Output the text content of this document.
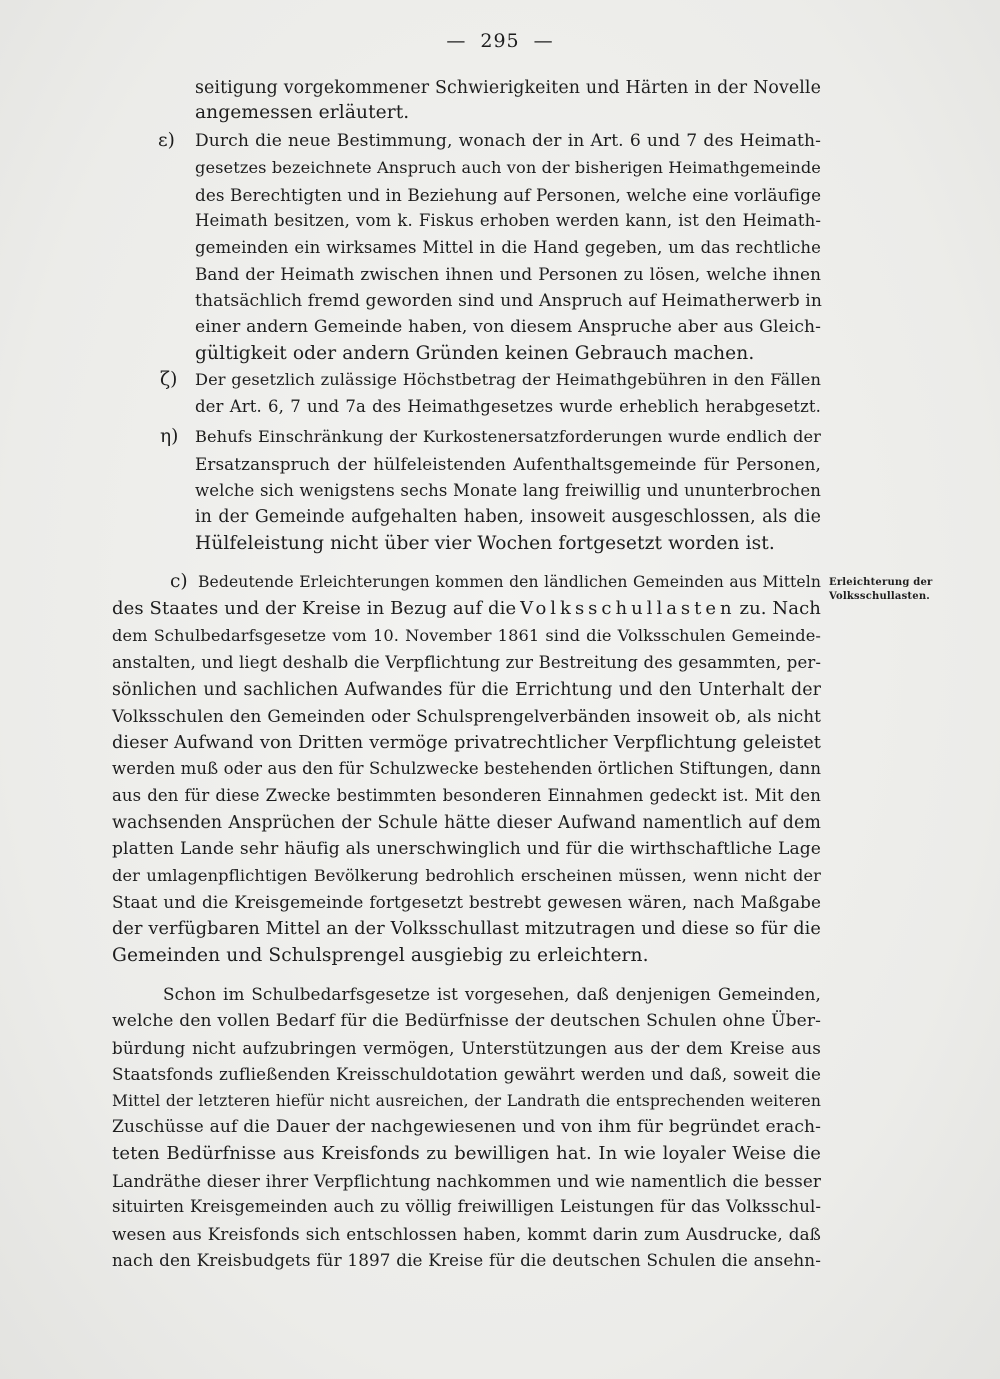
— 295 —
seitigung vorgekommener Schwierigkeiten und Härten in der Novelle
angemessen erläutert.
ε) Durch die neue Bestimmung, wonach der in Art. 6 und 7 des Heimath-
gesetzes bezeichnete Anspruch auch von der bisherigen Heimathgemeinde
des Berechtigten und in Beziehung auf Personen, welche eine vorläufige
Heimath besitzen, vom k. Fiskus erhoben werden kann, ist den Heimath-
gemeinden ein wirksames Mittel in die Hand gegeben, um das rechtliche
Band der Heimath zwischen ihnen und Personen zu lösen, welche ihnen
thatsächlich fremd geworden sind und Anspruch auf Heimatherwerb in
einer andern Gemeinde haben, von diesem Anspruche aber aus Gleich-
gültigkeit oder andern Gründen keinen Gebrauch machen.
ζ) Der gesetzlich zulässige Höchstbetrag der Heimathgebühren in den Fällen
der Art. 6, 7 und 7a des Heimathgesetzes wurde erheblich herabgesetzt.
η) Behufs Einschränkung der Kurkostenersatzforderungen wurde endlich der
Ersatzanspruch der hülfeleistenden Aufenthaltsgemeinde für Personen,
welche sich wenigstens sechs Monate lang freiwillig und ununterbrochen
in der Gemeinde aufgehalten haben, insoweit ausgeschlossen, als die
Hülfeleistung nicht über vier Wochen fortgesetzt worden ist.
c) Bedeutende Erleichterungen kommen den ländlichen Gemeinden aus Mitteln
des Staates und der Kreise in Bezug auf die Volksschullasten zu. Nach
dem Schulbedarfsgesetze vom 10. November 1861 sind die Volksschulen Gemeinde-
anstalten, und liegt deshalb die Verpflichtung zur Bestreitung des gesammten, per-
sönlichen und sachlichen Aufwandes für die Errichtung und den Unterhalt der
Volksschulen den Gemeinden oder Schulsprengelverbänden insoweit ob, als nicht
dieser Aufwand von Dritten vermöge privatrechtlicher Verpflichtung geleistet
werden muß oder aus den für Schulzwecke bestehenden örtlichen Stiftungen, dann
aus den für diese Zwecke bestimmten besonderen Einnahmen gedeckt ist. Mit den
wachsenden Ansprüchen der Schule hätte dieser Aufwand namentlich auf dem
platten Lande sehr häufig als unerschwinglich und für die wirthschaftliche Lage
der umlagenpflichtigen Bevölkerung bedrohlich erscheinen müssen, wenn nicht der
Staat und die Kreisgemeinde fortgesetzt bestrebt gewesen wären, nach Maßgabe
der verfügbaren Mittel an der Volksschullast mitzutragen und diese so für die
Gemeinden und Schulsprengel ausgiebig zu erleichtern.
Erleichterung der
Volksschullasten.
Schon im Schulbedarfsgesetze ist vorgesehen, daß denjenigen Gemeinden,
welche den vollen Bedarf für die Bedürfnisse der deutschen Schulen ohne Über-
bürdung nicht aufzubringen vermögen, Unterstützungen aus der dem Kreise aus
Staatsfonds zufließenden Kreisschuldotation gewährt werden und daß, soweit die
Mittel der letzteren hiefür nicht ausreichen, der Landrath die entsprechenden weiteren
Zuschüsse auf die Dauer der nachgewiesenen und von ihm für begründet erach-
teten Bedürfnisse aus Kreisfonds zu bewilligen hat. In wie loyaler Weise die
Landräthe dieser ihrer Verpflichtung nachkommen und wie namentlich die besser
situirten Kreisgemeinden auch zu völlig freiwilligen Leistungen für das Volksschul-
wesen aus Kreisfonds sich entschlossen haben, kommt darin zum Ausdrucke, daß
nach den Kreisbudgets für 1897 die Kreise für die deutschen Schulen die ansehn-
